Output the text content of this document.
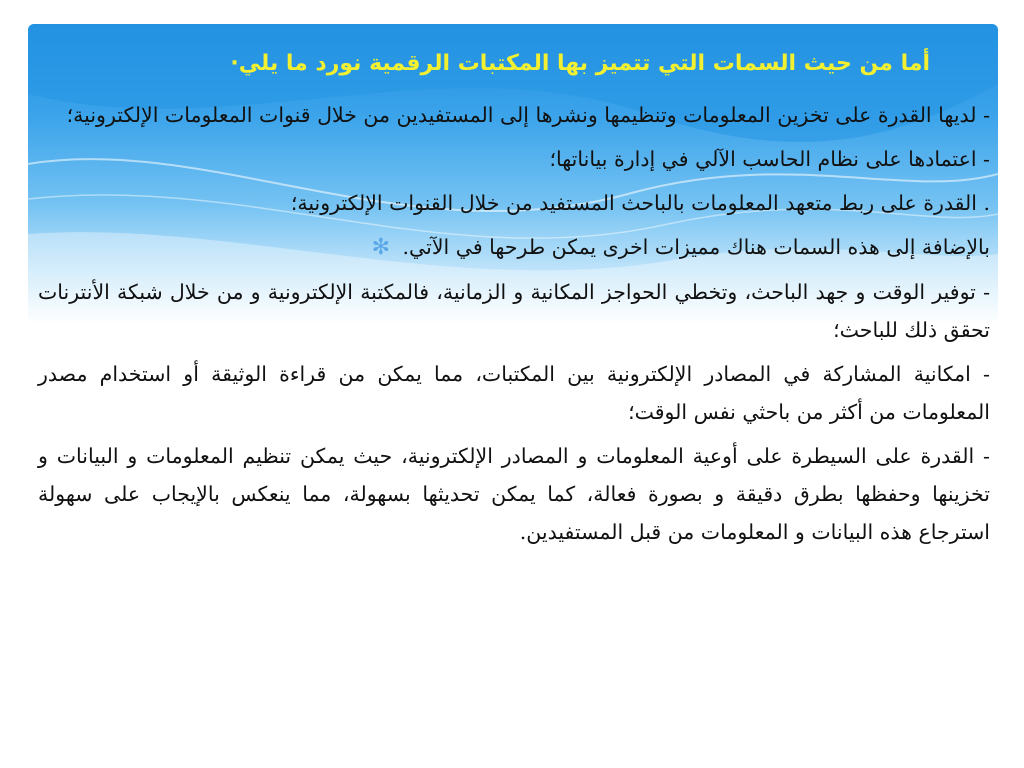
أما من حيث السمات التي تتميز بها المكتبات الرقمية نورد ما يلي·
- لديها القدرة على تخزين المعلومات وتنظيمها ونشرها إلى المستفيدين من خلال قنوات المعلومات الإلكترونية؛
- اعتمادها على نظام الحاسب الآلي في إدارة بياناتها؛
. القدرة على ربط متعهد المعلومات بالباحث المستفيد من خلال القنوات الإلكترونية؛
بالإضافة إلى هذه السمات هناك مميزات اخرى يمكن طرحها في الآتي. ✻
- توفير الوقت و جهد الباحث، وتخطي الحواجز المكانية و الزمانية، فالمكتبة الإلكترونية و من خلال شبكة الأنترنات تحقق ذلك للباحث؛
- امكانية المشاركة في المصادر الإلكترونية بين المكتبات، مما يمكن من قراءة الوثيقة أو استخدام مصدر المعلومات من أكثر من باحثي نفس الوقت؛
- القدرة على السيطرة على أوعية المعلومات و المصادر الإلكترونية، حيث يمكن تنظيم المعلومات و البيانات و تخزينها وحفظها بطرق دقيقة و بصورة فعالة، كما يمكن تحديثها بسهولة، مما ينعكس بالإيجاب على سهولة استرجاع هذه البيانات و المعلومات من قبل المستفيدين.
